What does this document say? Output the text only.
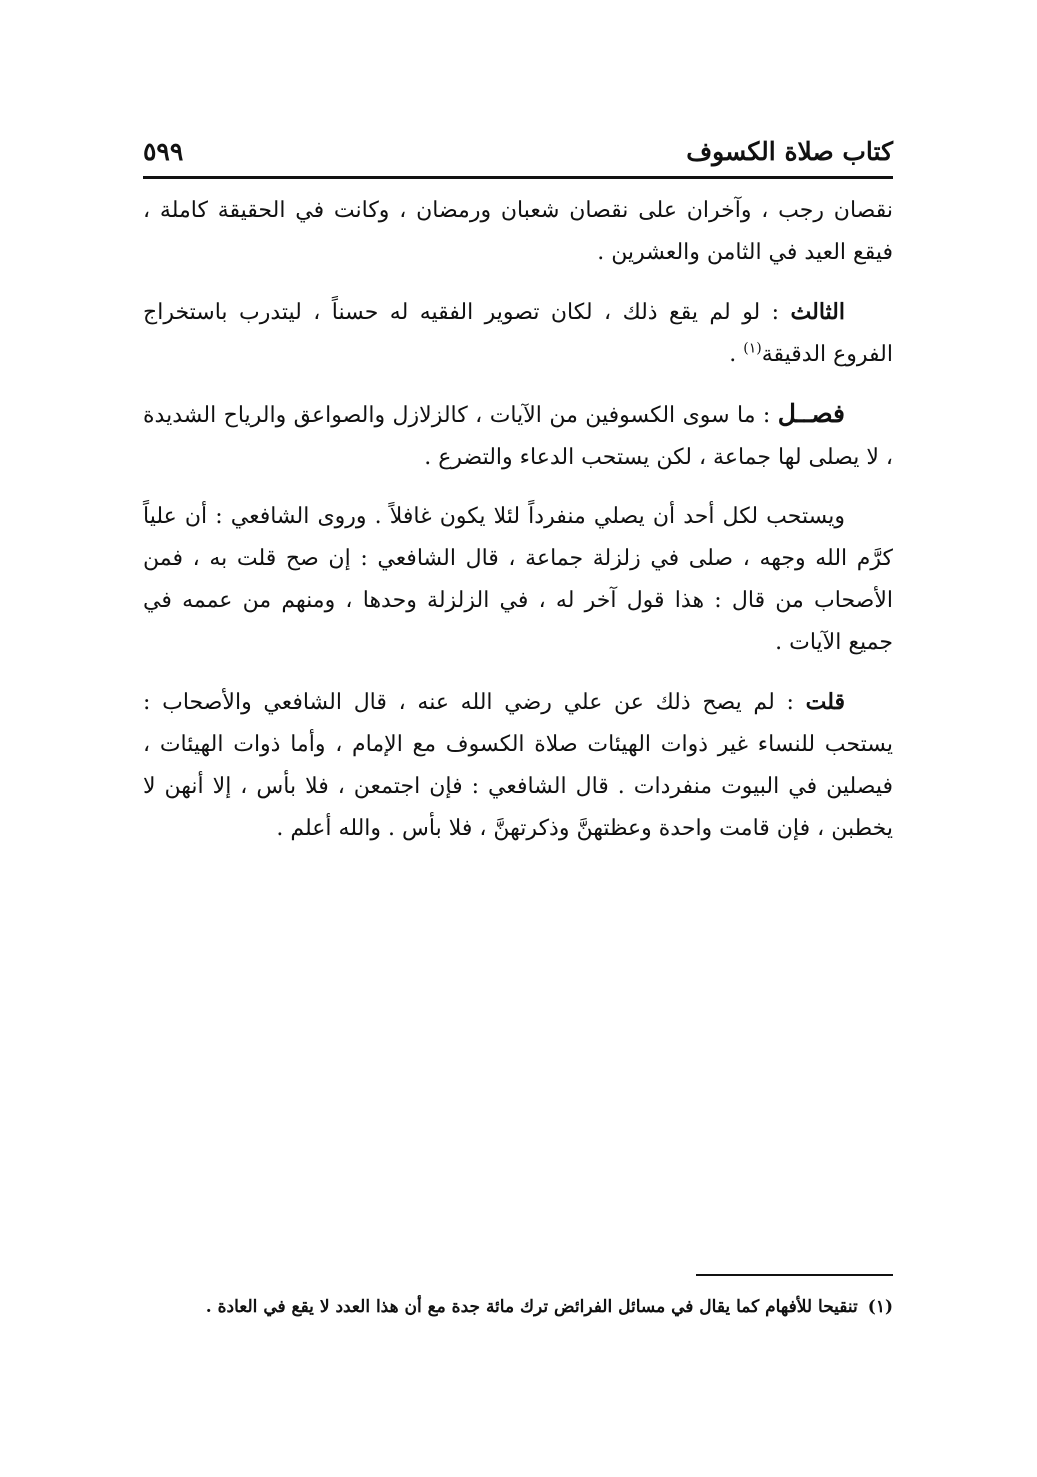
كتاب صلاة الكسوف
٥٩٩

نقصان رجب ، وآخران على نقصان شعبان ورمضان ، وكانت في الحقيقة كاملة ، فيقع العيد في الثامن والعشرين .

الثالث : لو لم يقع ذلك ، لكان تصوير الفقيه له حسناً ، ليتدرب باستخراج الفروع الدقيقة$^{(١)}$ .

فصــل : ما سوى الكسوفين من الآيات ، كالزلازل والصواعق والرياح الشديدة ، لا يصلى لها جماعة ، لكن يستحب الدعاء والتضرع .

ويستحب لكل أحد أن يصلي منفرداً لئلا يكون غافلاً . وروى الشافعي : أن علياً كرَّم الله وجهه ، صلى في زلزلة جماعة ، قال الشافعي : إن صح قلت به ، فمن الأصحاب من قال : هذا قول آخر له ، في الزلزلة وحدها ، ومنهم من عممه في جميع الآيات .

قلت : لم يصح ذلك عن علي رضي الله عنه ، قال الشافعي والأصحاب : يستحب للنساء غير ذوات الهيئات صلاة الكسوف مع الإمام ، وأما ذوات الهيئات ، فيصلين في البيوت منفردات . قال الشافعي : فإن اجتمعن ، فلا بأس ، إلا أنهن لا يخطبن ، فإن قامت واحدة وعظتهنَّ وذكرتهنَّ ، فلا بأس . والله أعلم .

(١)تنقيحا للأفهام كما يقال في مسائل الفرائض ترك مائة جدة مع أن هذا العدد لا يقع في العادة .
